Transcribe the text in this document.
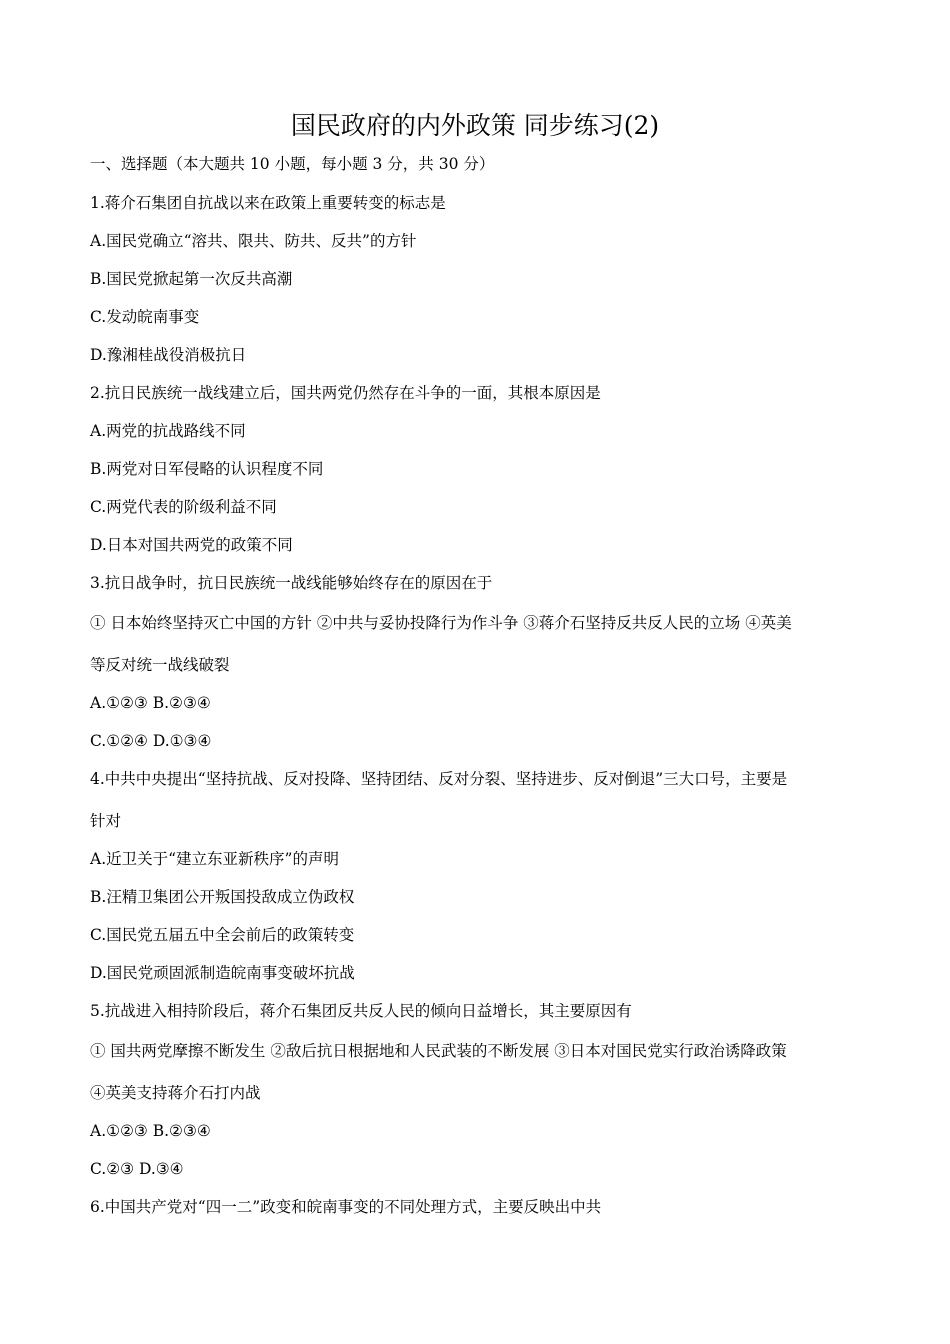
国民政府的内外政策 同步练习(2)
一、选择题（本大题共 10 小题，每小题 3 分，共 30 分）
1.蒋介石集团自抗战以来在政策上重要转变的标志是
A.国民党确立“溶共、限共、防共、反共”的方针
B.国民党掀起第一次反共高潮
C.发动皖南事变
D.豫湘桂战役消极抗日
2.抗日民族统一战线建立后，国共两党仍然存在斗争的一面，其根本原因是
A.两党的抗战路线不同
B.两党对日军侵略的认识程度不同
C.两党代表的阶级利益不同
D.日本对国共两党的政策不同
3.抗日战争时，抗日民族统一战线能够始终存在的原因在于
① 日本始终坚持灭亡中国的方针 ②中共与妥协投降行为作斗争 ③蒋介石坚持反共反人民的立场 ④英美
等反对统一战线破裂
A.①②③ B.②③④
C.①②④ D.①③④
4.中共中央提出“坚持抗战、反对投降、坚持团结、反对分裂、坚持进步、反对倒退”三大口号，主要是
针对
A.近卫关于“建立东亚新秩序”的声明
B.汪精卫集团公开叛国投敌成立伪政权
C.国民党五届五中全会前后的政策转变
D.国民党顽固派制造皖南事变破坏抗战
5.抗战进入相持阶段后，蒋介石集团反共反人民的倾向日益增长，其主要原因有
① 国共两党摩擦不断发生 ②敌后抗日根据地和人民武装的不断发展 ③日本对国民党实行政治诱降政策
④英美支持蒋介石打内战
A.①②③ B.②③④
C.②③ D.③④
6.中国共产党对“四一二”政变和皖南事变的不同处理方式，主要反映出中共
